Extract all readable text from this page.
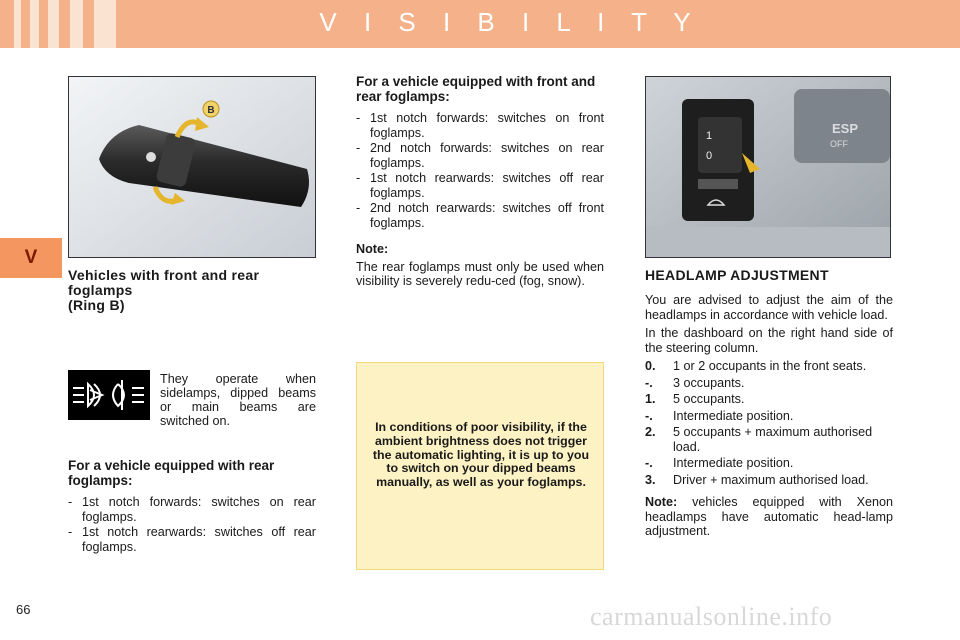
V I S I B I L I T Y
V
B
Vehicles with front and rear
foglamps
(Ring B)
They operate when sidelamps, dipped beams or main beams are switched on.
For a vehicle equipped with rear foglamps:
- 1st notch forwards: switches on rear foglamps.
- 1st notch rearwards: switches off rear foglamps.
For a vehicle equipped with front and rear foglamps:
- 1st notch forwards: switches on front foglamps.
- 2nd notch forwards: switches on rear foglamps.
- 1st notch rearwards: switches off rear foglamps.
- 2nd notch rearwards: switches off front foglamps.
Note:
The rear foglamps must only be used when visibility is severely redu-ced (fog, snow).

In conditions of poor visibility, if the ambient brightness does not trigger the automatic lighting, it is up to you to switch on your dipped beams manually, as well as your foglamps.

ESP
OFF
1
0
HEADLAMP ADJUSTMENT
You are advised to adjust the aim of the headlamps in accordance with vehicle load.
In the dashboard on the right hand side of the steering column.
0.	1 or 2 occupants in the front seats.
-.	3 occupants.
1.	5 occupants.
-.	Intermediate position.
2.	5 occupants + maximum authorised load.
-.	Intermediate position.
3.	Driver + maximum authorised load.
Note: vehicles equipped with Xenon headlamps have automatic head-lamp adjustment.
66	carmanualsonline.info
